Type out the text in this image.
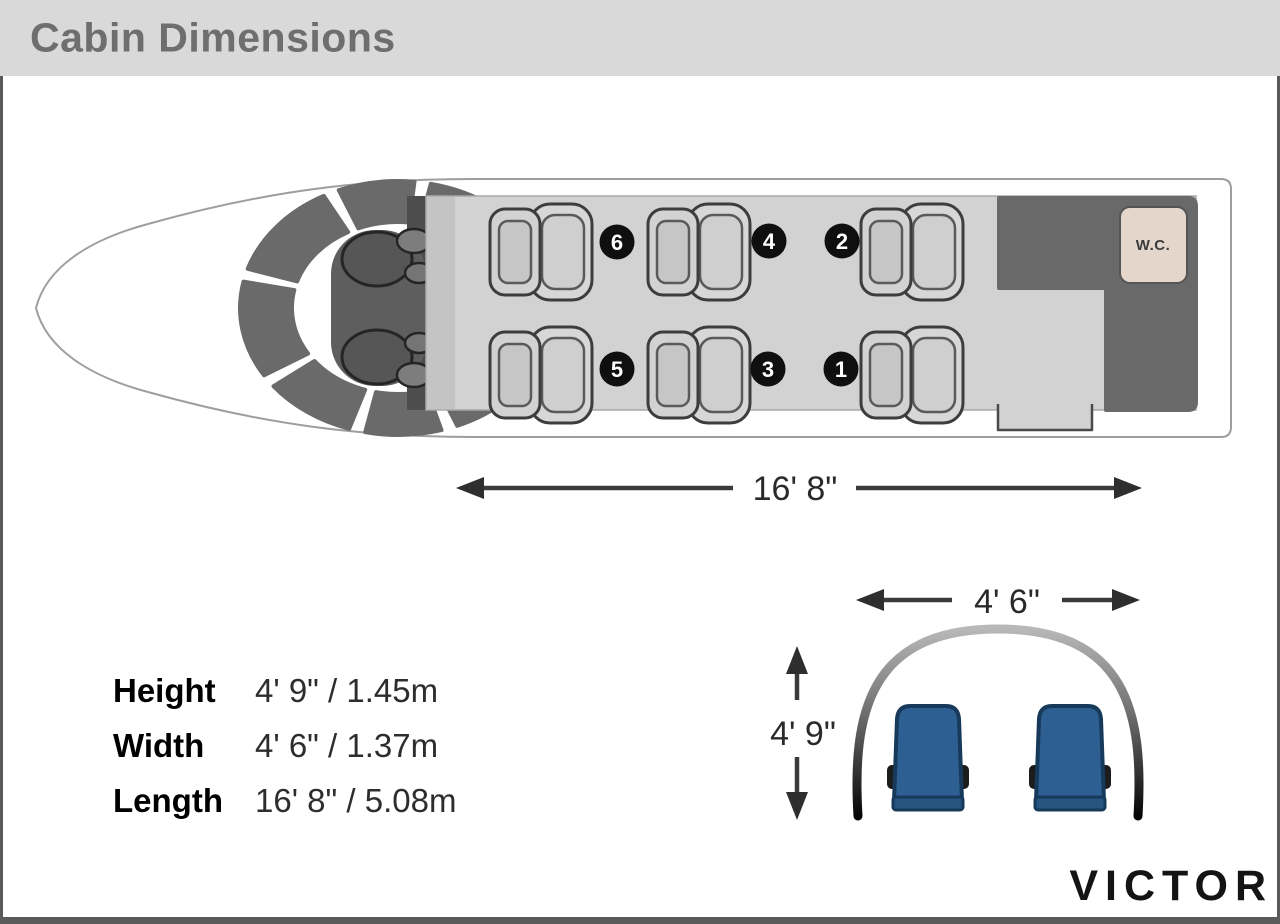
Cabin Dimensions
W.C.
6	4	2
5	3	1
16' 8"
4' 6"
4' 9"
Height	4' 9" / 1.45m
Width	4' 6" / 1.37m
Length 16' 8" / 5.08m
VICTOR
